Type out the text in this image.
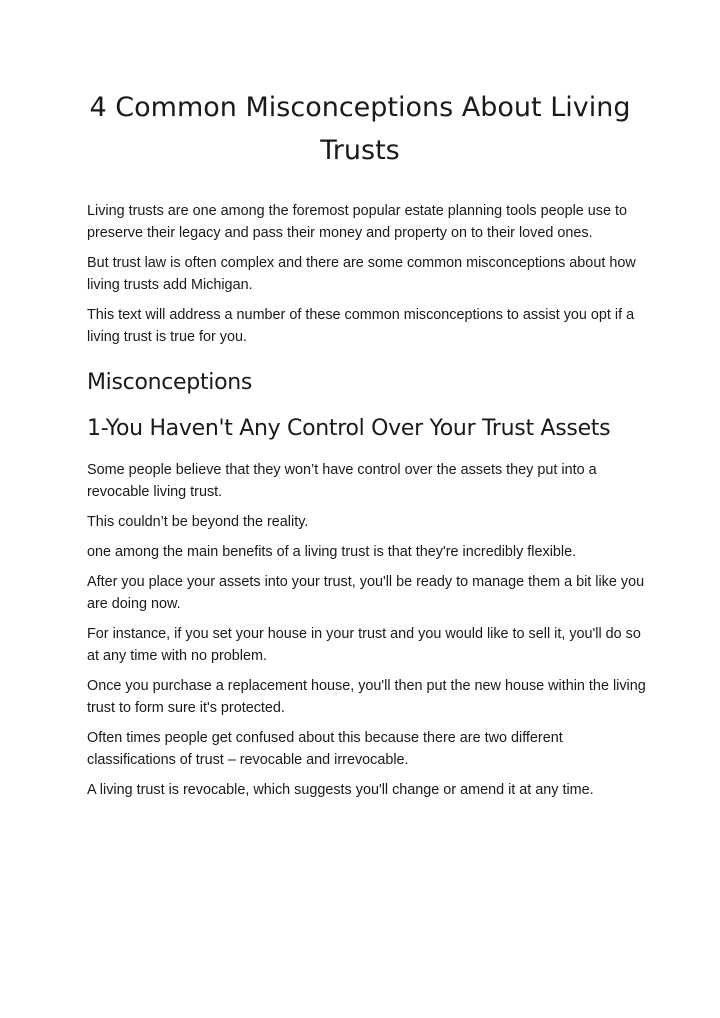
4 Common Misconceptions About Living Trusts

Living trusts are one among the foremost popular estate planning tools people use to preserve their legacy and pass their money and property on to their loved ones.

But trust law is often complex and there are some common misconceptions about how living trusts add Michigan.

This text will address a number of these common misconceptions to assist you opt if a living trust is true for you.

Misconceptions
1-You Haven't Any Control Over Your Trust Assets

Some people believe that they won’t have control over the assets they put into a revocable living trust.

This couldn’t be beyond the reality.

one among the main benefits of a living trust is that they're incredibly flexible.

After you place your assets into your trust, you'll be ready to manage them a bit like you are doing now.

For instance, if you set your house in your trust and you would like to sell it, you'll do so at any time with no problem.

Once you purchase a replacement house, you'll then put the new house within the living trust to form sure it's protected.

Often times people get confused about this because there are two different classifications of trust – revocable and irrevocable.

A living trust is revocable, which suggests you'll change or amend it at any time.
